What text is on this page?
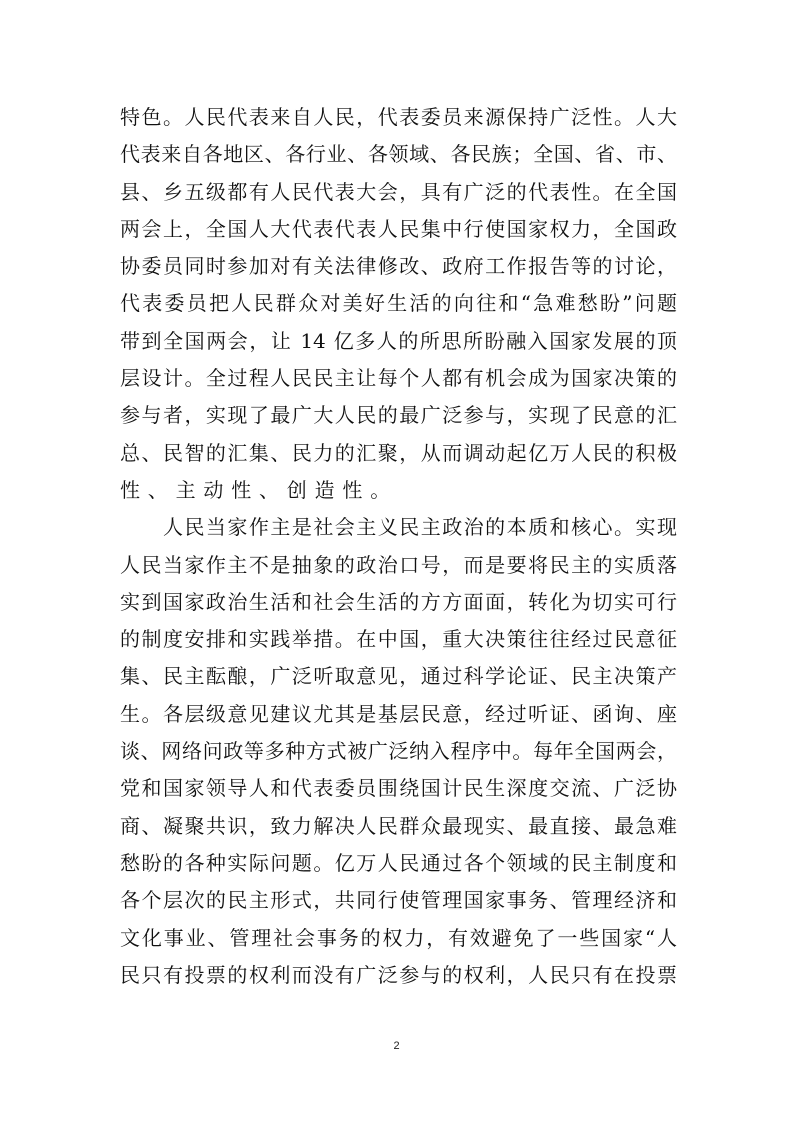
特色。人民代表来自人民，代表委员来源保持广泛性。人大
代表来自各地区、各行业、各领域、各民族；全国、省、市、
县、乡五级都有人民代表大会，具有广泛的代表性。在全国
两会上，全国人大代表代表人民集中行使国家权力，全国政
协委员同时参加对有关法律修改、政府工作报告等的讨论，
代表委员把人民群众对美好生活的向往和“急难愁盼”问题
带到全国两会，让 14 亿多人的所思所盼融入国家发展的顶
层设计。全过程人民民主让每个人都有机会成为国家决策的
参与者，实现了最广大人民的最广泛参与，实现了民意的汇
总、民智的汇集、民力的汇聚，从而调动起亿万人民的积极
性、主动性、创造性。
　　人民当家作主是社会主义民主政治的本质和核心。实现
人民当家作主不是抽象的政治口号，而是要将民主的实质落
实到国家政治生活和社会生活的方方面面，转化为切实可行
的制度安排和实践举措。在中国，重大决策往往经过民意征
集、民主酝酿，广泛听取意见，通过科学论证、民主决策产
生。各层级意见建议尤其是基层民意，经过听证、函询、座
谈、网络问政等多种方式被广泛纳入程序中。每年全国两会，
党和国家领导人和代表委员围绕国计民生深度交流、广泛协
商、凝聚共识，致力解决人民群众最现实、最直接、最急难
愁盼的各种实际问题。亿万人民通过各个领域的民主制度和
各个层次的民主形式，共同行使管理国家事务、管理经济和
文化事业、管理社会事务的权力，有效避免了一些国家“人
民只有投票的权利而没有广泛参与的权利，人民只有在投票
2
